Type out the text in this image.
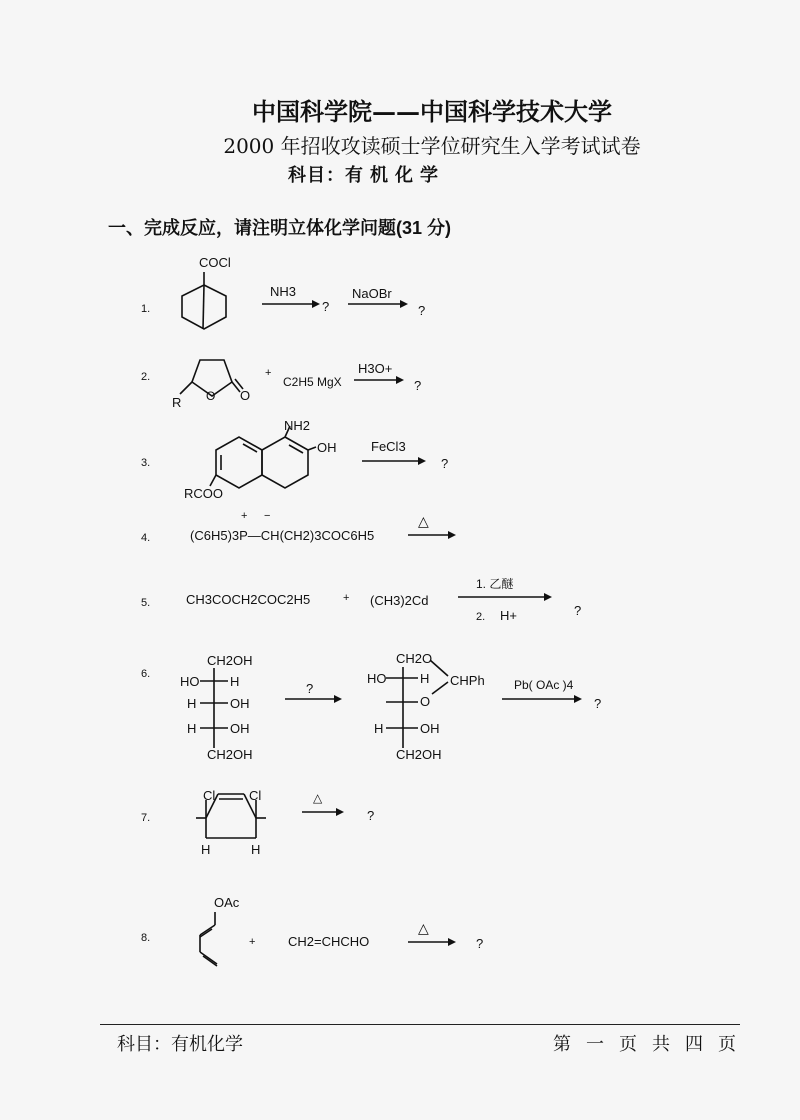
中国科学院——中国科学技术大学
2000 年招收攻读硕士学位研究生入学考试试卷
科目：有 机 化 学
一、完成反应，请注明立体化学问题(31 分)
1.
COCl
NH3
?
NaOBr
?
2.
O O
R
+
C2H5 MgX
H3O+
?
3.
NH2
OH
RCOO
FeCl3
?
4.
+ −
(C6H5)3P—CH(CH2)3COC6H5
△
5.	CH3COCH2COC2H5	+ (CH3)2Cd
1. 乙醚
2. H+	?
6.
CH2OH
HO H
H	OH
H	OH
CH2OH
?
CH2O
HO	H
O
CHPh
H	OH
CH2OH
Pb( OAc )4
?
7.
Cl	Cl
H	H
△
?
8.
OAc
+	CH2=CHCHO
△
?
科目：有机化学	第 一 页 共 四 页
